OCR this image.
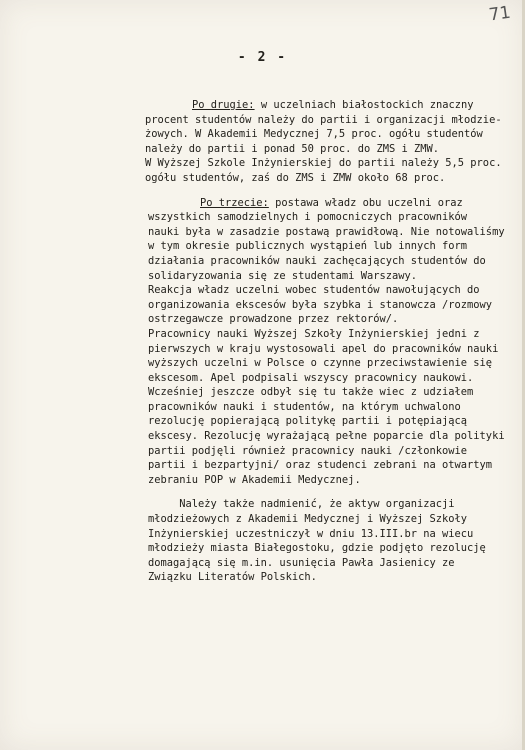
71
- 2 -
Po drugie: w uczelniach białostockich znaczny
procent studentów należy do partii i organizacji młodzie-
żowych. W Akademii Medycznej 7,5 proc. ogółu studentów
należy do partii i ponad 50 proc. do ZMS i ZMW.
W Wyższej Szkole Inżynierskiej do partii należy 5,5 proc.
ogółu studentów, zaś do ZMS i ZMW około 68 proc.
Po trzecie: postawa władz obu uczelni oraz
wszystkich samodzielnych i pomocniczych pracowników
nauki była w zasadzie postawą prawidłową. Nie notowaliśmy
w tym okresie publicznych wystąpień lub innych form
działania pracowników nauki zachęcających studentów do
solidaryzowania się ze studentami Warszawy.
Reakcja władz uczelni wobec studentów nawołujących do
organizowania ekscesów była szybka i stanowcza /rozmowy
ostrzegawcze prowadzone przez rektorów/.
Pracownicy nauki Wyższej Szkoły Inżynierskiej jedni z
pierwszych w kraju wystosowali apel do pracowników nauki
wyższych uczelni w Polsce o czynne przeciwstawienie się
ekscesom. Apel podpisali wszyscy pracownicy naukowi.
Wcześniej jeszcze odbył się tu także wiec z udziałem
pracowników nauki i studentów, na którym uchwalono
rezolucję popierającą politykę partii i potępiającą
ekscesy. Rezolucję wyrażającą pełne poparcie dla polityki
partii podjęli również pracownicy nauki /członkowie
partii i bezpartyjni/ oraz studenci zebrani na otwartym
zebraniu POP w Akademii Medycznej.
Należy także nadmienić, że aktyw organizacji
młodzieżowych z Akademii Medycznej i Wyższej Szkoły
Inżynierskiej uczestniczył w dniu 13.III.br na wiecu
młodzieży miasta Białegostoku, gdzie podjęto rezolucję
domagającą się m.in. usunięcia Pawła Jasienicy ze
Związku Literatów Polskich.
